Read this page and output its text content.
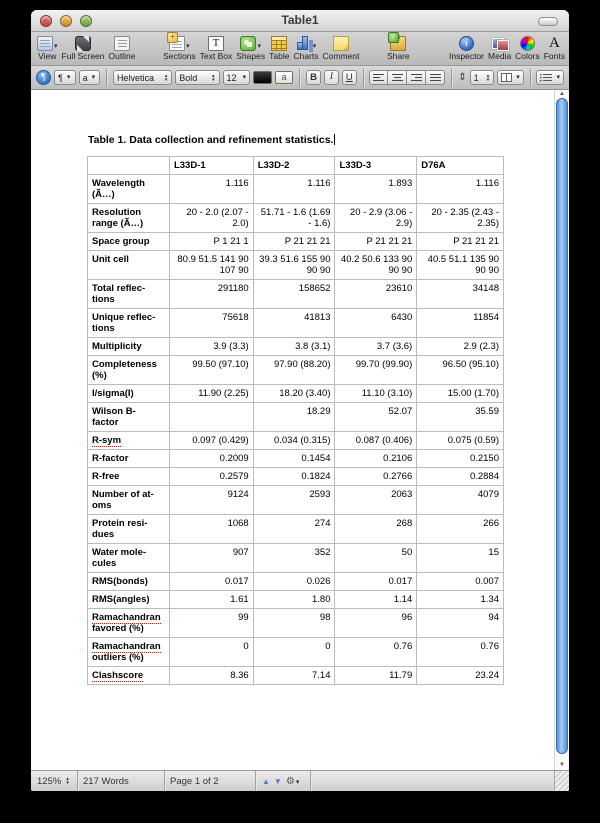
Table1
▾
View
◥ ◣ Full Screen Outline
+
▾
Sections
T
Text Box
▾
Shapes Table
▾
Charts Comment
↑	Share
i
Inspector Media Colors
A
Fonts
¶	¶ ▾ a ▾ Helvetica	▲
▼ Bold	▲
▼ 12 ▾	a	B	I	U	⇕ 1	▲
▼	▾	▾
Table 1. Data collection and refinement statistics.
	L33D-1	L33D-2	L33D-3	D76A
Wavelength
(Ã…)	1.116	1.116	1.893	1.116
Resolution
range (Ã…)	20 - 2.0 (2.07 - 2.0)	51.71 - 1.6 (1.69 - 1.6)	20 - 2.9 (3.06 - 2.9)	20 - 2.35 (2.43 - 2.35)
Space group	P 1 21 1	P 21 21 21	P 21 21 21	P 21 21 21
Unit cell	80.9 51.5 141 90 107 90	39.3 51.6 155 90 90 90	40.2 50.6 133 90 90 90	40.5 51.1 135 90 90 90
Total reflec-
tions	291180	158652	23610	34148
Unique reflec-
tions	75618	41813	6430	11854
Multiplicity	3.9 (3.3)	3.8 (3.1)	3.7 (3.6)	2.9 (2.3)
Completeness
(%)	99.50 (97.10)	97.90 (88.20)	99.70 (99.90)	96.50 (95.10)
I/sigma(I)	11.90 (2.25)	18.20 (3.40)	11.10 (3.10)	15.00 (1.70)
Wilson B-
factor		18.29	52.07	35.59
R-sym	0.097 (0.429)	0.034 (0.315)	0.087 (0.406)	0.075 (0.59)
R-factor	0.2009	0.1454	0.2106	0.2150
R-free	0.2579	0.1824	0.2766	0.2884
Number of at-
oms	9124	2593	2063	4079
Protein resi-
dues	1068	274	268	266
Water mole-
cules	907	352	50	15
RMS(bonds)	0.017	0.026	0.017	0.007
RMS(angles)	1.61	1.80	1.14	1.34
Ramachandran
favored (%)	99	98	96	94
Ramachandran
outliers (%)	0	0	0.76	0.76
Clashscore	8.36	7.14	11.79	23.24
▲
▼
125% ▲
▼	217 Words	Page 1 of 2	▲ ▼ ⚙▾
